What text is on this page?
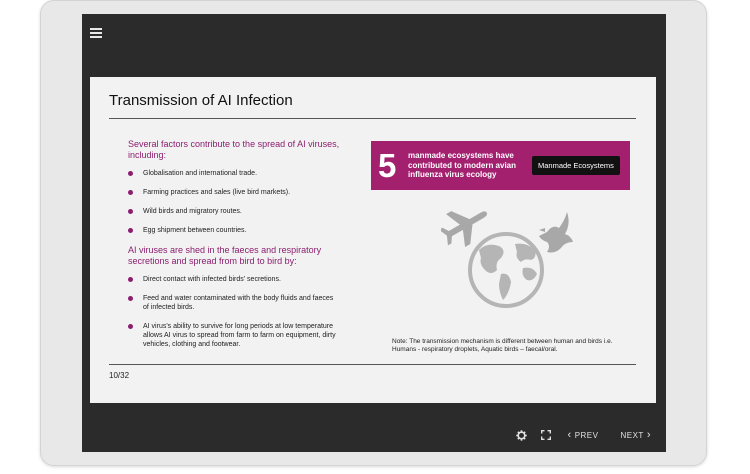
Transmission of AI Infection
Several factors contribute to the spread of AI viruses, including:
Globalisation and international trade.
Farming practices and sales (live bird markets).
Wild birds and migratory routes.
Egg shipment between countries.
AI viruses are shed in the faeces and respiratory secretions and spread from bird to bird by:
Direct contact with infected birds' secretions.
Feed and water contaminated with the body fluids and faeces of infected birds.
AI virus's ability to survive for long periods at low temperature allows AI virus to spread from farm to farm on equipment, dirty vehicles, clothing and footwear.
5	manmade ecosystems have contributed to modern avian influenza virus ecology
Manmade Ecosystems
Note: The transmission mechanism is different between human and birds i.e. Humans - respiratory droplets, Aquatic birds – faecal/oral.
10/32
‹ PREV	NEXT ›
